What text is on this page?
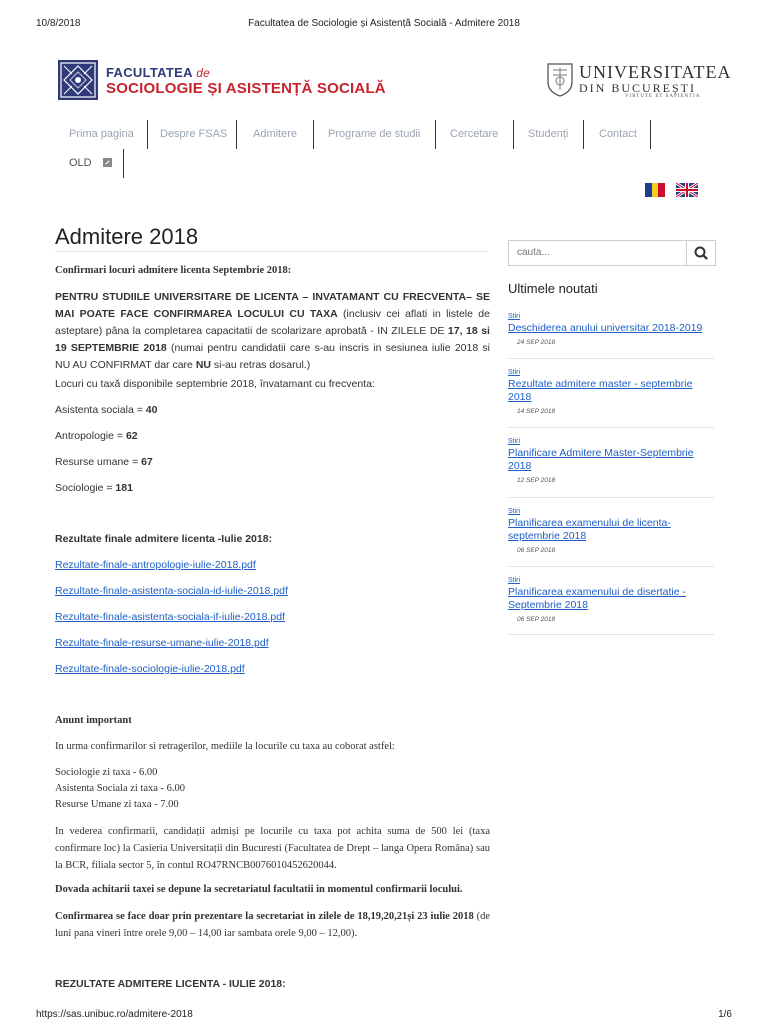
10/8/2018	Facultatea de Sociologie și Asistență Socială - Admitere 2018
FACULTATEA de
SOCIOLOGIE ȘI ASISTENȚĂ SOCIALĂ
UNIVERSITATEA
DIN BUCUREȘTI
VIRTUTE ET SAPIENTIA
Prima pagina Despre FSAS Admitere	Programe de studii	Cercetare	Studenți	Contact
OLD
Admitere 2018
Confirmari locuri admitere licenta Septembrie 2018:
PENTRU STUDIILE UNIVERSITARE DE LICENTA – INVATAMANT CU FRECVENTA– SE MAI POATE FACE CONFIRMAREA LOCULUI CU TAXA (inclusiv cei aflati in listele de asteptare) pâna la completarea capacitatii de scolarizare aprobată - IN ZILELE DE 17, 18 si 19 SEPTEMBRIE 2018 (numai pentru candidatii care s-au inscris in sesiunea iulie 2018 si NU AU CONFIRMAT dar care NU si-au retras dosarul.)
Locuri cu taxă disponibile septembrie 2018, învatamant cu frecventa:
Asistenta sociala = 40
Antropologie = 62
Resurse umane = 67
Sociologie = 181
Rezultate finale admitere licenta -Iulie 2018:
Rezultate-finale-antropologie-iulie-2018.pdf
Rezultate-finale-asistenta-sociala-id-iulie-2018.pdf
Rezultate-finale-asistenta-sociala-if-iulie-2018.pdf
Rezultate-finale-resurse-umane-iulie-2018.pdf
Rezultate-finale-sociologie-iulie-2018.pdf
Anunt important
In urma confirmarilor si retragerilor, mediile la locurile cu taxa au coborat astfel:
Sociologie zi taxa - 6.00
Asistenta Sociala zi taxa - 6.00
Resurse Umane zi taxa - 7.00
In vederea confirmarii, candidații admiși pe locurile cu taxa pot achita suma de 500 lei (taxa confirmare loc) la Casieria Universitații din Bucuresti (Facultatea de Drept – langa Opera Româna) sau la BCR, filiala sector 5, în contul RO47RNCB0076010452620044.
Dovada achitarii taxei se depune la secretariatul facultatii in momentul confirmarii locului.
Confirmarea se face doar prin prezentare la secretariat in zilele de 18,19,20,21și 23 iulie 2018 (de luni pana vineri între orele 9,00 – 14,00 iar sambata orele 9,00 – 12,00).
REZULTATE ADMITERE LICENTA - IULIE 2018:
cauta...
Ultimele noutati
Stiri
Deschiderea anului universitar 2018-2019
24 SEP 2018
Stiri
Rezultate admitere master - septembrie 2018
14 SEP 2018
Stiri
Planificare Admitere Master-Septembrie 2018
12 SEP 2018
Stiri
Planificarea examenului de licenta-septembrie 2018
06 SEP 2018
Stiri
Planificarea examenului de disertatie - Septembrie 2018
06 SEP 2018
https://sas.unibuc.ro/admitere-2018	1/6
